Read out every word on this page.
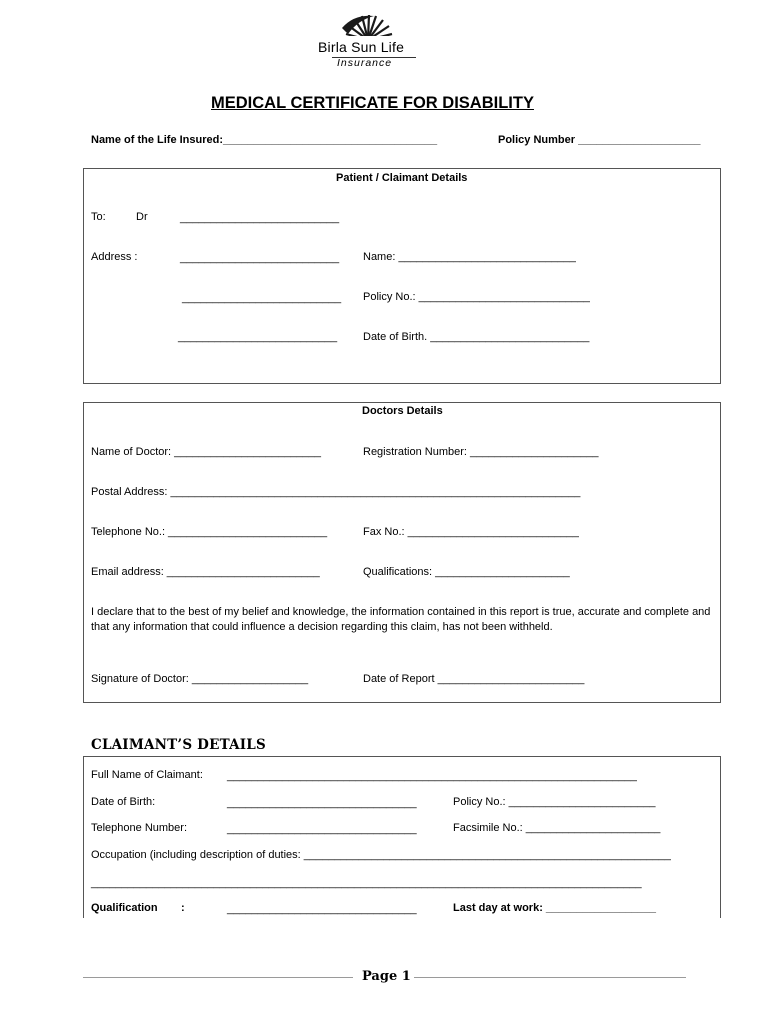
Birla Sun Life
Insurance
MEDICAL CERTIFICATE FOR DISABILITY
Name of the Life Insured:___________________________________	Policy Number ____________________
Patient / Claimant Details
To:	Dr	__________________________
Address :	__________________________ Name: _____________________________
__________________________ Policy No.: ____________________________
__________________________ Date of Birth. __________________________
Doctors Details
Name of Doctor: ________________________	Registration Number: _____________________
Postal Address: ___________________________________________________________________
Telephone No.: __________________________	Fax No.: ____________________________
Email address: _________________________	Qualifications: ______________________
I declare that to the best of my belief and knowledge, the information contained in this report is true, accurate and complete and that any information that could influence a decision regarding this claim, has not been withheld.
Signature of Doctor: ___________________	Date of Report ________________________
CLAIMANT’S DETAILS
Full Name of Claimant: ___________________________________________________________________
Date of Birth:	_______________________________	Policy No.: ________________________
Telephone Number:	_______________________________	Facsimile No.: ______________________
Occupation (including description of duties: ____________________________________________________________
__________________________________________________________________________________________
Qualification :	_______________________________	Last day at work: __________________
Page 1
